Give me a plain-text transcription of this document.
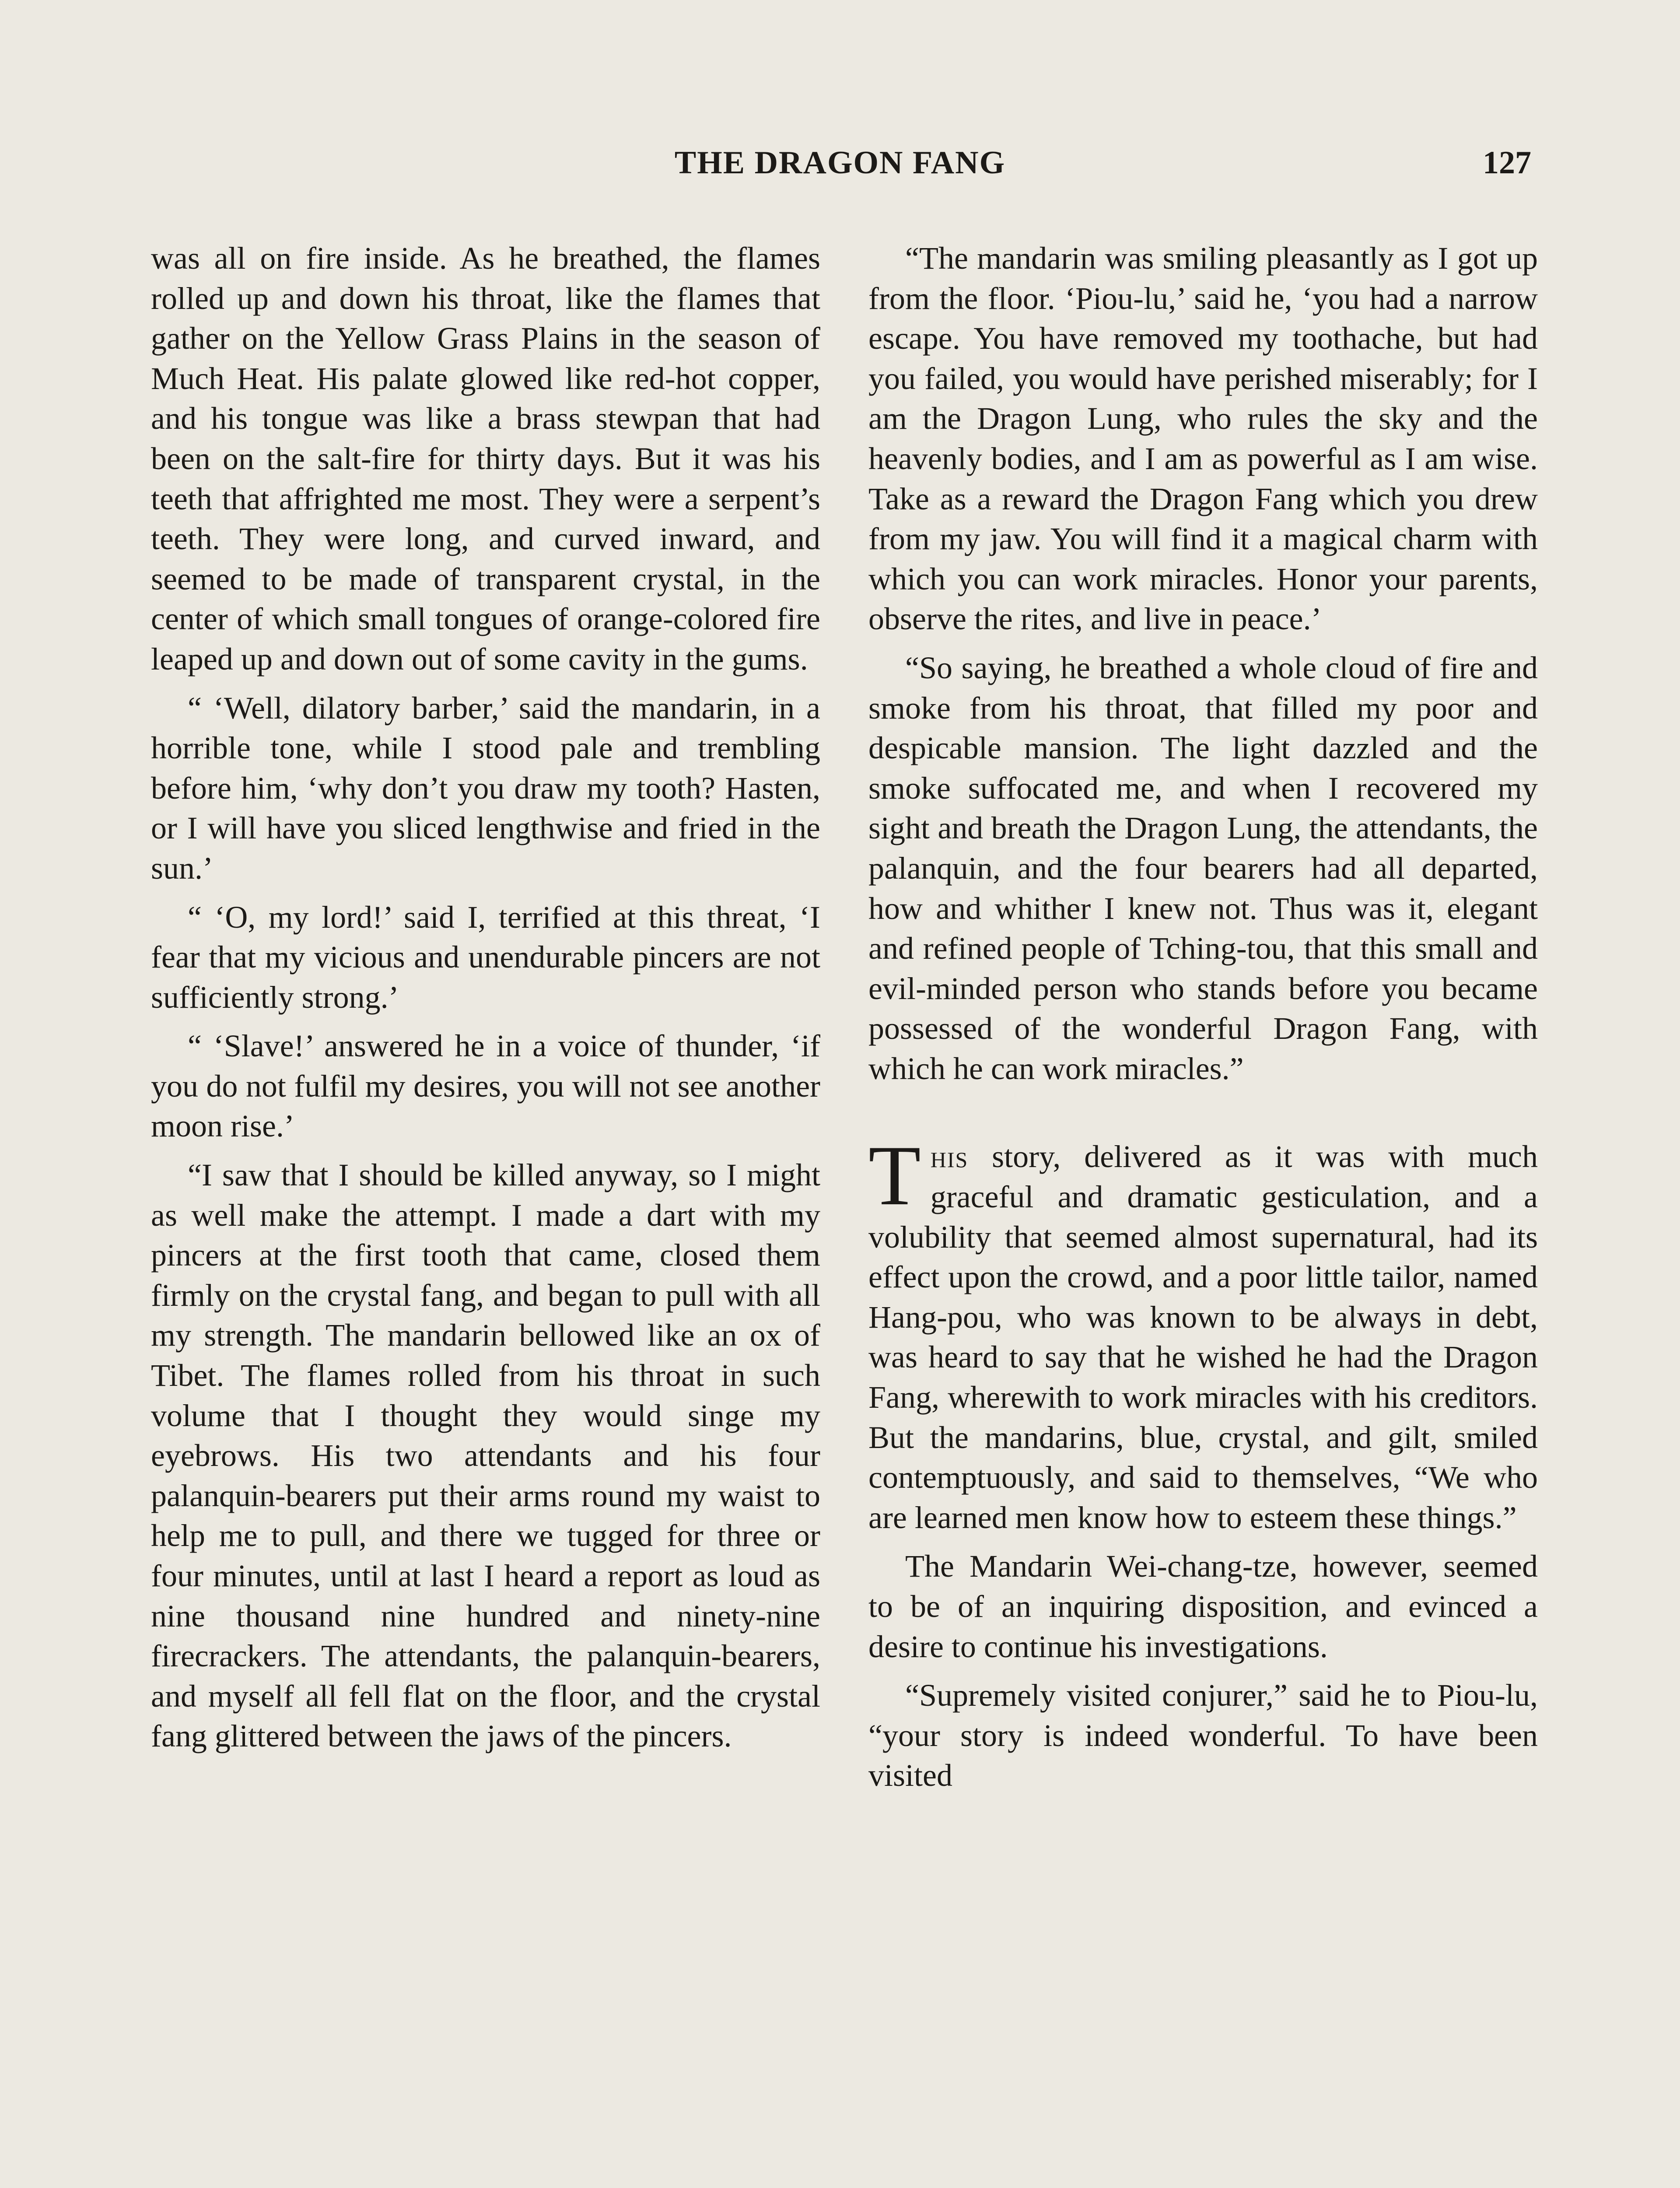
THE DRAGON FANG	127

was all on fire inside. As he breathed, the flames rolled up and down his throat, like the flames that gather on the Yellow Grass Plains in the season of Much Heat. His palate glowed like red-hot copper, and his tongue was like a brass stewpan that had been on the salt-fire for thirty days. But it was his teeth that affrighted me most. They were a serpent’s teeth. They were long, and curved inward, and seemed to be made of transparent crystal, in the center of which small tongues of orange-colored fire leaped up and down out of some cavity in the gums.

“ ‘Well, dilatory barber,’ said the mandarin, in a horrible tone, while I stood pale and trembling before him, ‘why don’t you draw my tooth? Hasten, or I will have you sliced lengthwise and fried in the sun.’

“ ‘O, my lord!’ said I, terrified at this threat, ‘I fear that my vicious and unendurable pincers are not sufficiently strong.’

“ ‘Slave!’ answered he in a voice of thunder, ‘if you do not fulfil my desires, you will not see another moon rise.’

“I saw that I should be killed anyway, so I might as well make the attempt. I made a dart with my pincers at the first tooth that came, closed them firmly on the crystal fang, and began to pull with all my strength. The mandarin bellowed like an ox of Tibet. The flames rolled from his throat in such volume that I thought they would singe my eyebrows. His two attendants and his four palanquin-bearers put their arms round my waist to help me to pull, and there we tugged for three or four minutes, until at last I heard a report as loud as nine thousand nine hundred and ninety-nine firecrackers. The attendants, the palanquin-bearers, and myself all fell flat on the floor, and the crystal fang glittered between the jaws of the pincers.

“The mandarin was smiling pleasantly as I got up from the floor. ‘Piou-lu,’ said he, ‘you had a narrow escape. You have removed my toothache, but had you failed, you would have perished miserably; for I am the Dragon Lung, who rules the sky and the heavenly bodies, and I am as powerful as I am wise. Take as a reward the Dragon Fang which you drew from my jaw. You will find it a magical charm with which you can work miracles. Honor your parents, observe the rites, and live in peace.’

“So saying, he breathed a whole cloud of fire and smoke from his throat, that filled my poor and despicable mansion. The light dazzled and the smoke suffocated me, and when I recovered my sight and breath the Dragon Lung, the attendants, the palanquin, and the four bearers had all departed, how and whither I knew not. Thus was it, elegant and refined people of Tching-tou, that this small and evil-minded person who stands before you became possessed of the wonderful Dragon Fang, with which he can work miracles.”

This story, delivered as it was with much graceful and dramatic gesticulation, and a volubility that seemed almost supernatural, had its effect upon the crowd, and a poor little tailor, named Hang-pou, who was known to be always in debt, was heard to say that he wished he had the Dragon Fang, wherewith to work miracles with his creditors. But the mandarins, blue, crystal, and gilt, smiled contemptuously, and said to themselves, “We who are learned men know how to esteem these things.”

The Mandarin Wei-chang-tze, however, seemed to be of an inquiring disposition, and evinced a desire to continue his investigations.

“Supremely visited conjurer,” said he to Piou-lu, “your story is indeed wonderful. To have been visited
